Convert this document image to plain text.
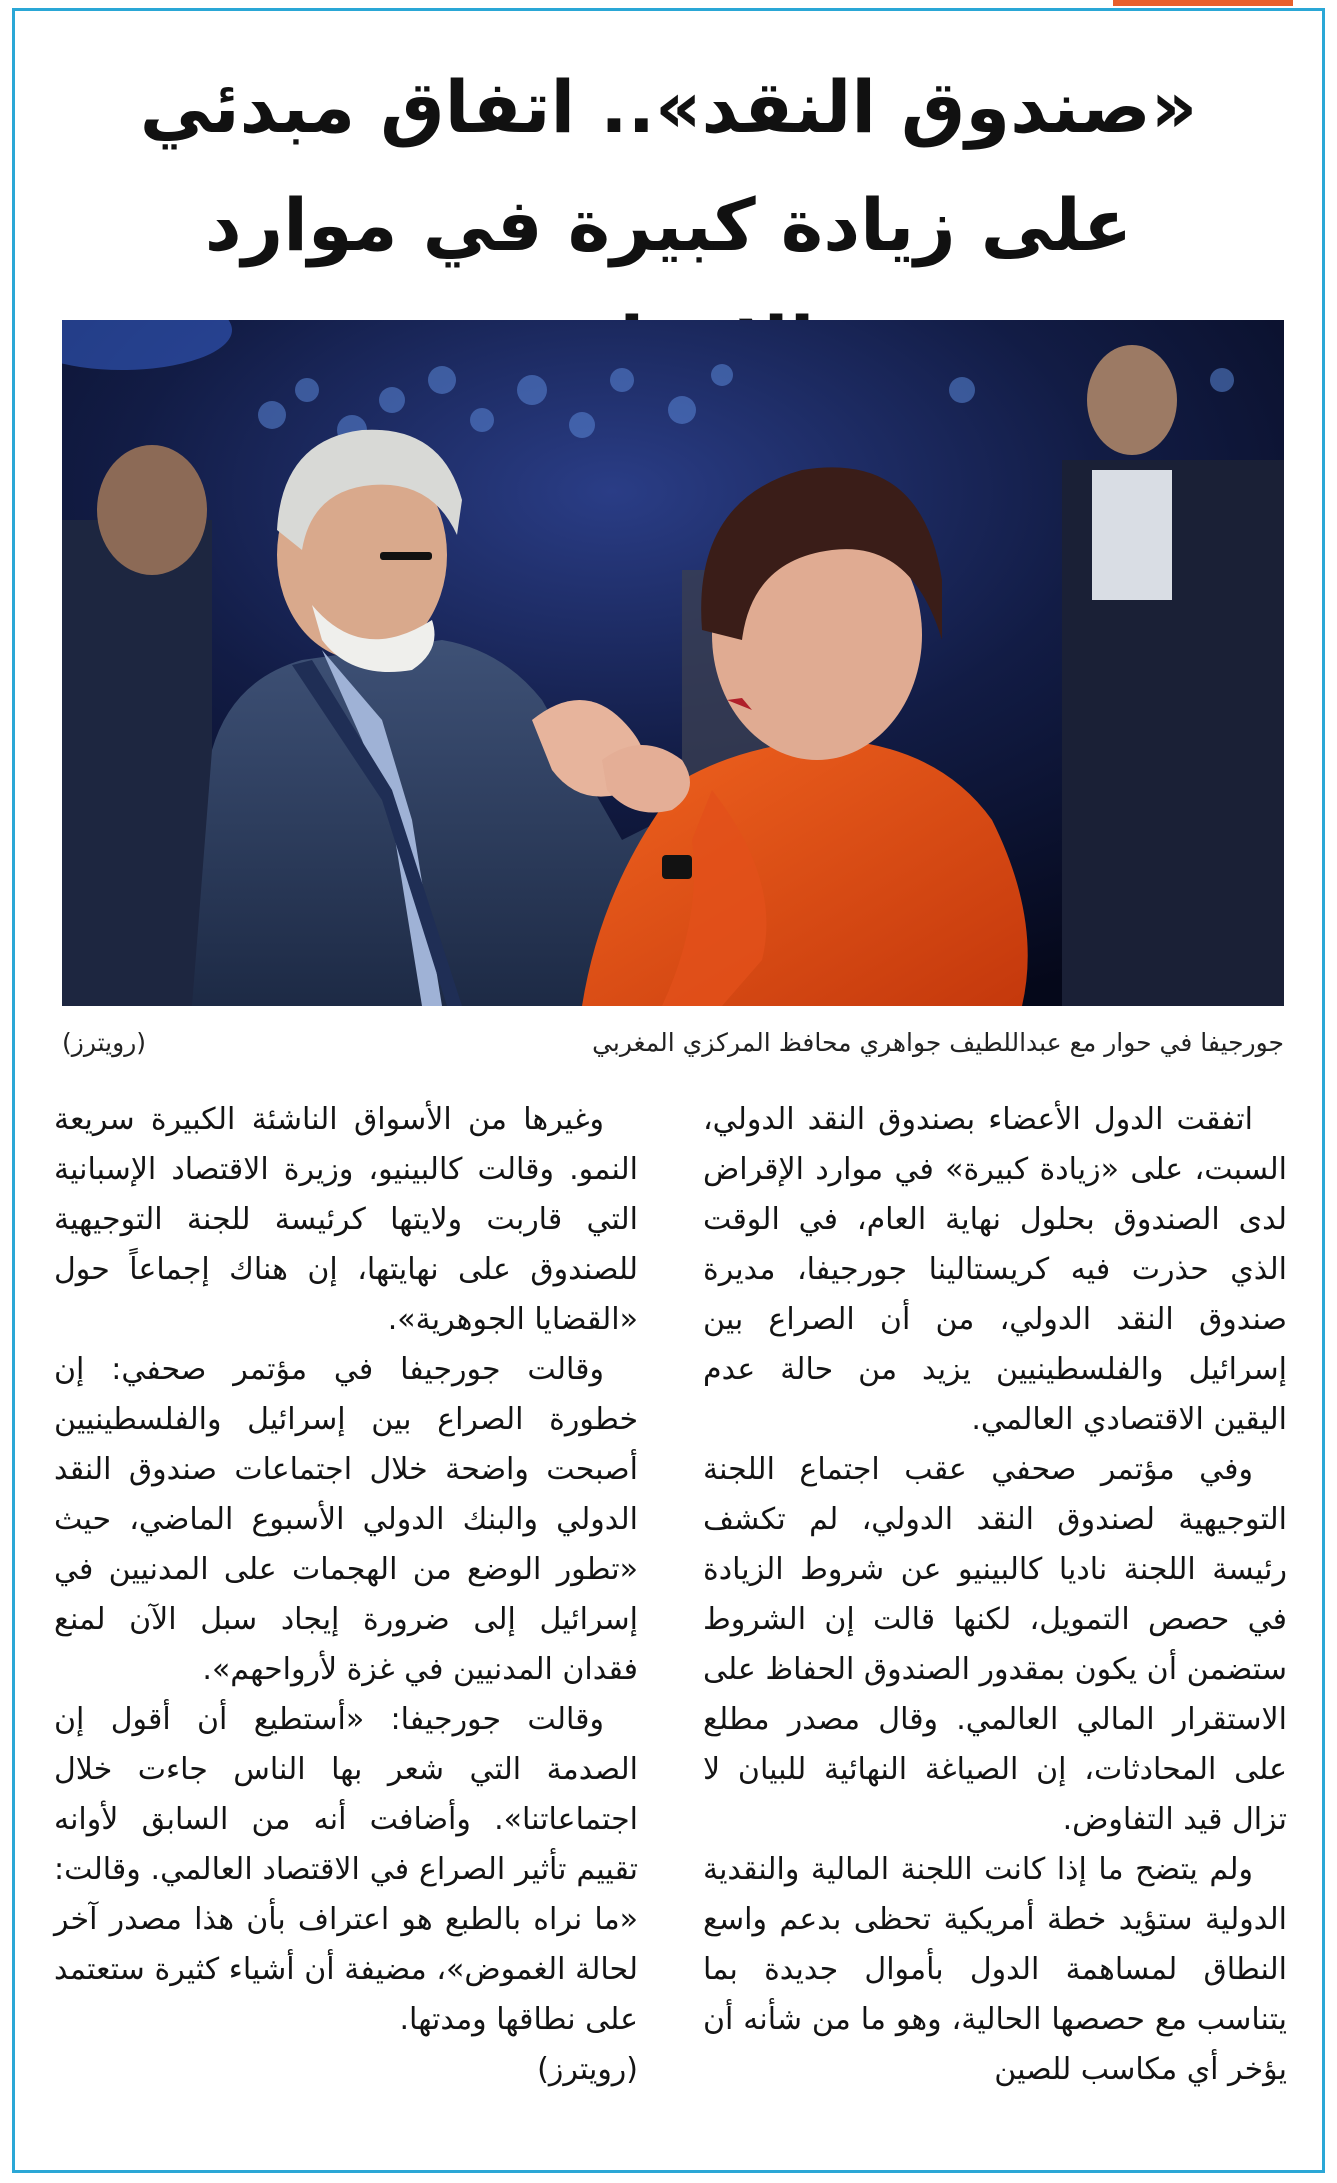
«صندوق النقد».. اتفاق مبدئي
على زيادة كبيرة في موارد
جورجيفا في حوار مع عبداللطيف جواهري محافظ المركزي المغربي
(رويترز)

اتفقت الدول الأعضاء بصندوق النقد الدولي، السبت، على «زيادة كبيرة» في موارد الإقراض لدى الصندوق بحلول نهاية العام، في الوقت الذي حذرت فيه كريستالينا جورجيفا، مديرة صندوق النقد الدولي، من أن الصراع بين إسرائيل والفلسطينيين يزيد من حالة عدم اليقين الاقتصادي العالمي.

وفي مؤتمر صحفي عقب اجتماع اللجنة التوجيهية لصندوق النقد الدولي، لم تكشف رئيسة اللجنة ناديا كالبينيو عن شروط الزيادة في حصص التمويل، لكنها قالت إن الشروط ستضمن أن يكون بمقدور الصندوق الحفاظ على الاستقرار المالي العالمي. وقال مصدر مطلع على المحادثات، إن الصياغة النهائية للبيان لا تزال قيد التفاوض.

ولم يتضح ما إذا كانت اللجنة المالية والنقدية الدولية ستؤيد خطة أمريكية تحظى بدعم واسع النطاق لمساهمة الدول بأموال جديدة بما يتناسب مع حصصها الحالية، وهو ما من شأنه أن يؤخر أي مكاسب للصين

وغيرها من الأسواق الناشئة الكبيرة سريعة النمو. وقالت كالبينيو، وزيرة الاقتصاد الإسبانية التي قاربت ولايتها كرئيسة للجنة التوجيهية للصندوق على نهايتها، إن هناك إجماعاً حول «القضايا الجوهرية».

وقالت جورجيفا في مؤتمر صحفي: إن خطورة الصراع بين إسرائيل والفلسطينيين أصبحت واضحة خلال اجتماعات صندوق النقد الدولي والبنك الدولي الأسبوع الماضي، حيث «تطور الوضع من الهجمات على المدنيين في إسرائيل إلى ضرورة إيجاد سبل الآن لمنع فقدان المدنيين في غزة لأرواحهم».

وقالت جورجيفا: «أستطيع أن أقول إن الصدمة التي شعر بها الناس جاءت خلال اجتماعاتنا». وأضافت أنه من السابق لأوانه تقييم تأثير الصراع في الاقتصاد العالمي. وقالت: «ما نراه بالطبع هو اعتراف بأن هذا مصدر آخر لحالة الغموض»، مضيفة أن أشياء كثيرة ستعتمد على نطاقها ومدتها.

(رويترز)
